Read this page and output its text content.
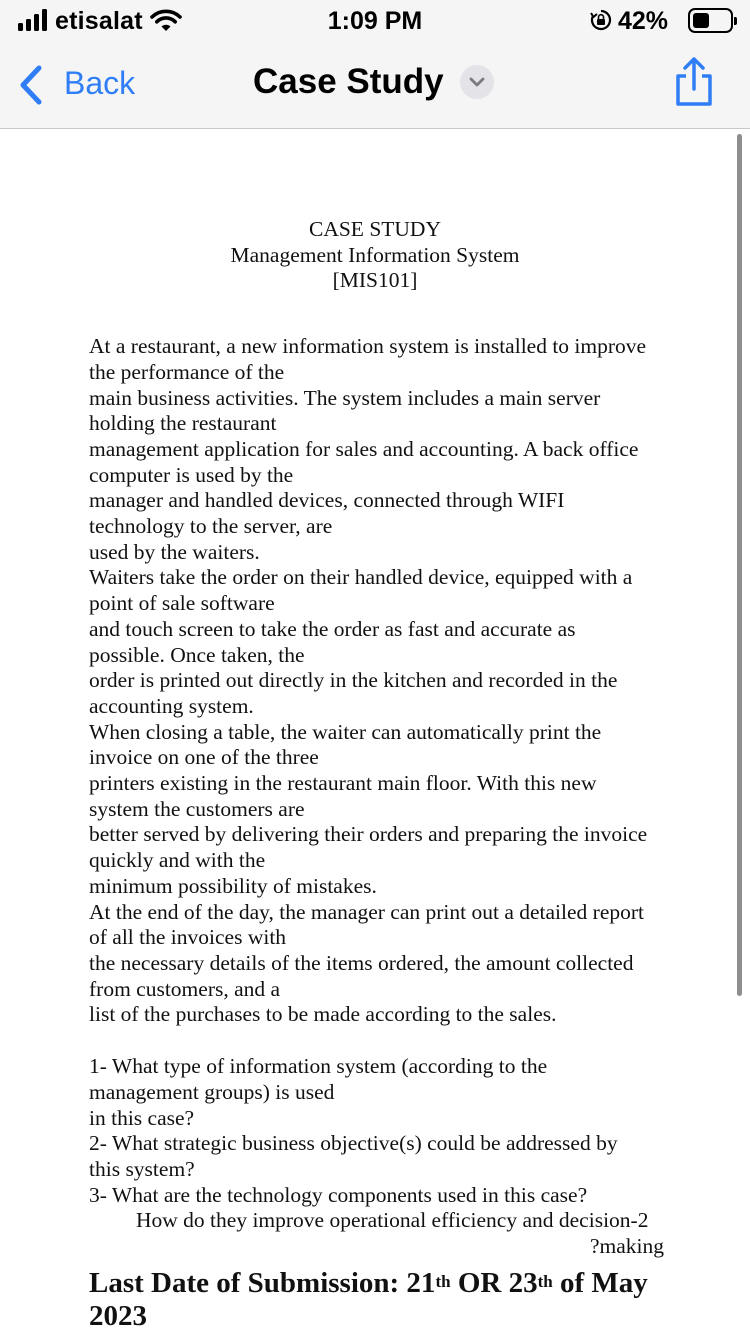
etisalat	1:09 PM	42%
Back	Case Study
CASE STUDY
Management Information System
[MIS101]
At a restaurant, a new information system is installed to improve
the performance of the
main business activities. The system includes a main server
holding the restaurant
management application for sales and accounting. A back office
computer is used by the
manager and handled devices, connected through WIFI
technology to the server, are
used by the waiters.
Waiters take the order on their handled device, equipped with a
point of sale software
and touch screen to take the order as fast and accurate as
possible. Once taken, the
order is printed out directly in the kitchen and recorded in the
accounting system.
When closing a table, the waiter can automatically print the
invoice on one of the three
printers existing in the restaurant main floor. With this new
system the customers are
better served by delivering their orders and preparing the invoice
quickly and with the
minimum possibility of mistakes.
At the end of the day, the manager can print out a detailed report
of all the invoices with
the necessary details of the items ordered, the amount collected
from customers, and a
list of the purchases to be made according to the sales.
1- What type of information system (according to the
management groups) is used
in this case?
2- What strategic business objective(s) could be addressed by
this system?
3- What are the technology components used in this case?
How do they improve operational efficiency and decision-2
?making
Last Date of Submission: 21th OR 23th of May
2023
